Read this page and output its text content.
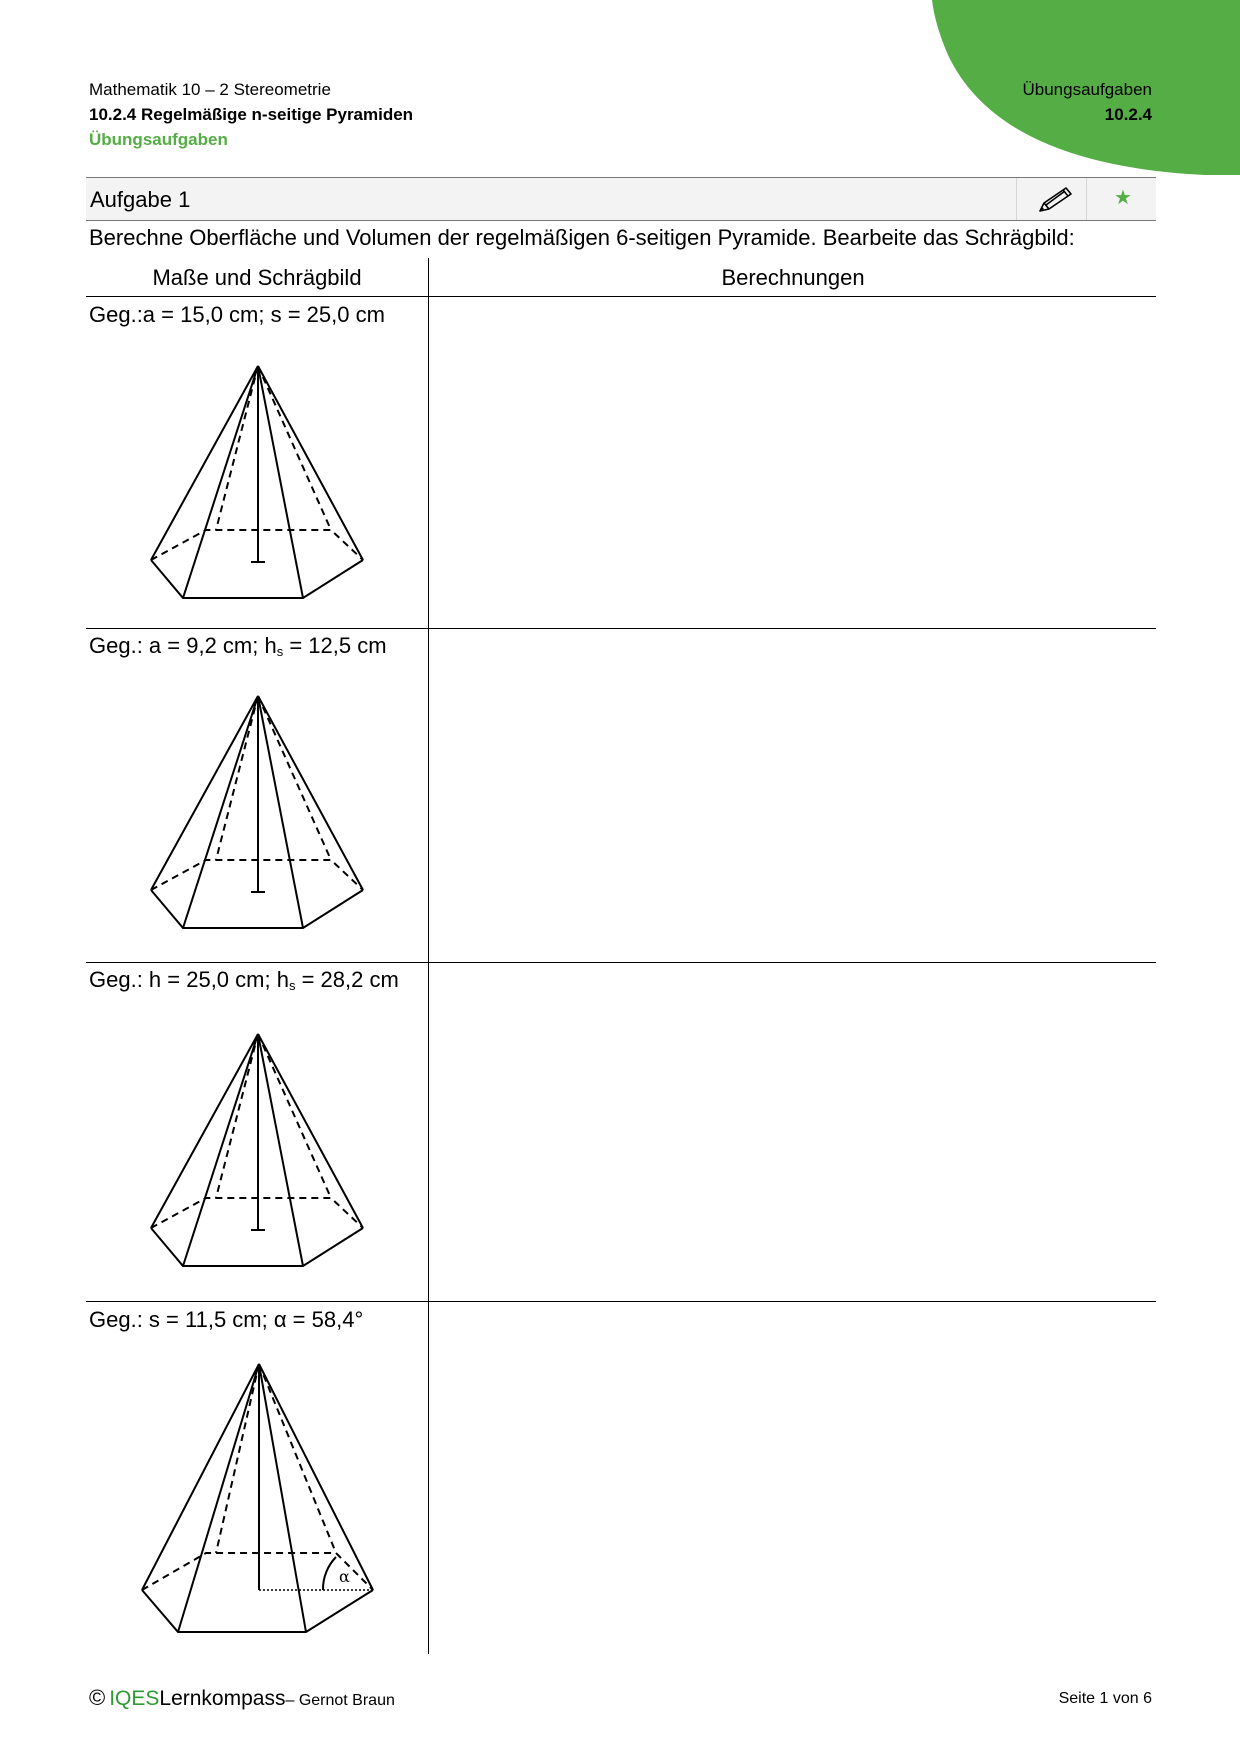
Mathematik 10 – 2 Stereometrie
10.2.4 Regelmäßige n-seitige Pyramiden
Übungsaufgaben
Übungsaufgaben
10.2.4
Aufgabe 1	★
Berechne Oberfläche und Volumen der regelmäßigen 6-seitigen Pyramide. Bearbeite das Schrägbild:
Maße und Schrägbild	Berechnungen
Geg.:a = 15,0 cm; s = 25,0 cm
Geg.: a = 9,2 cm; $h_s = 12,5$ cm
Geg.: h = 25,0 cm; $h_s = 28,2$ cm
Geg.: s = 11,5 cm; α = 58,4°
α
© IQES Lernkompass – Gernot Braun	Seite 1 von 6
